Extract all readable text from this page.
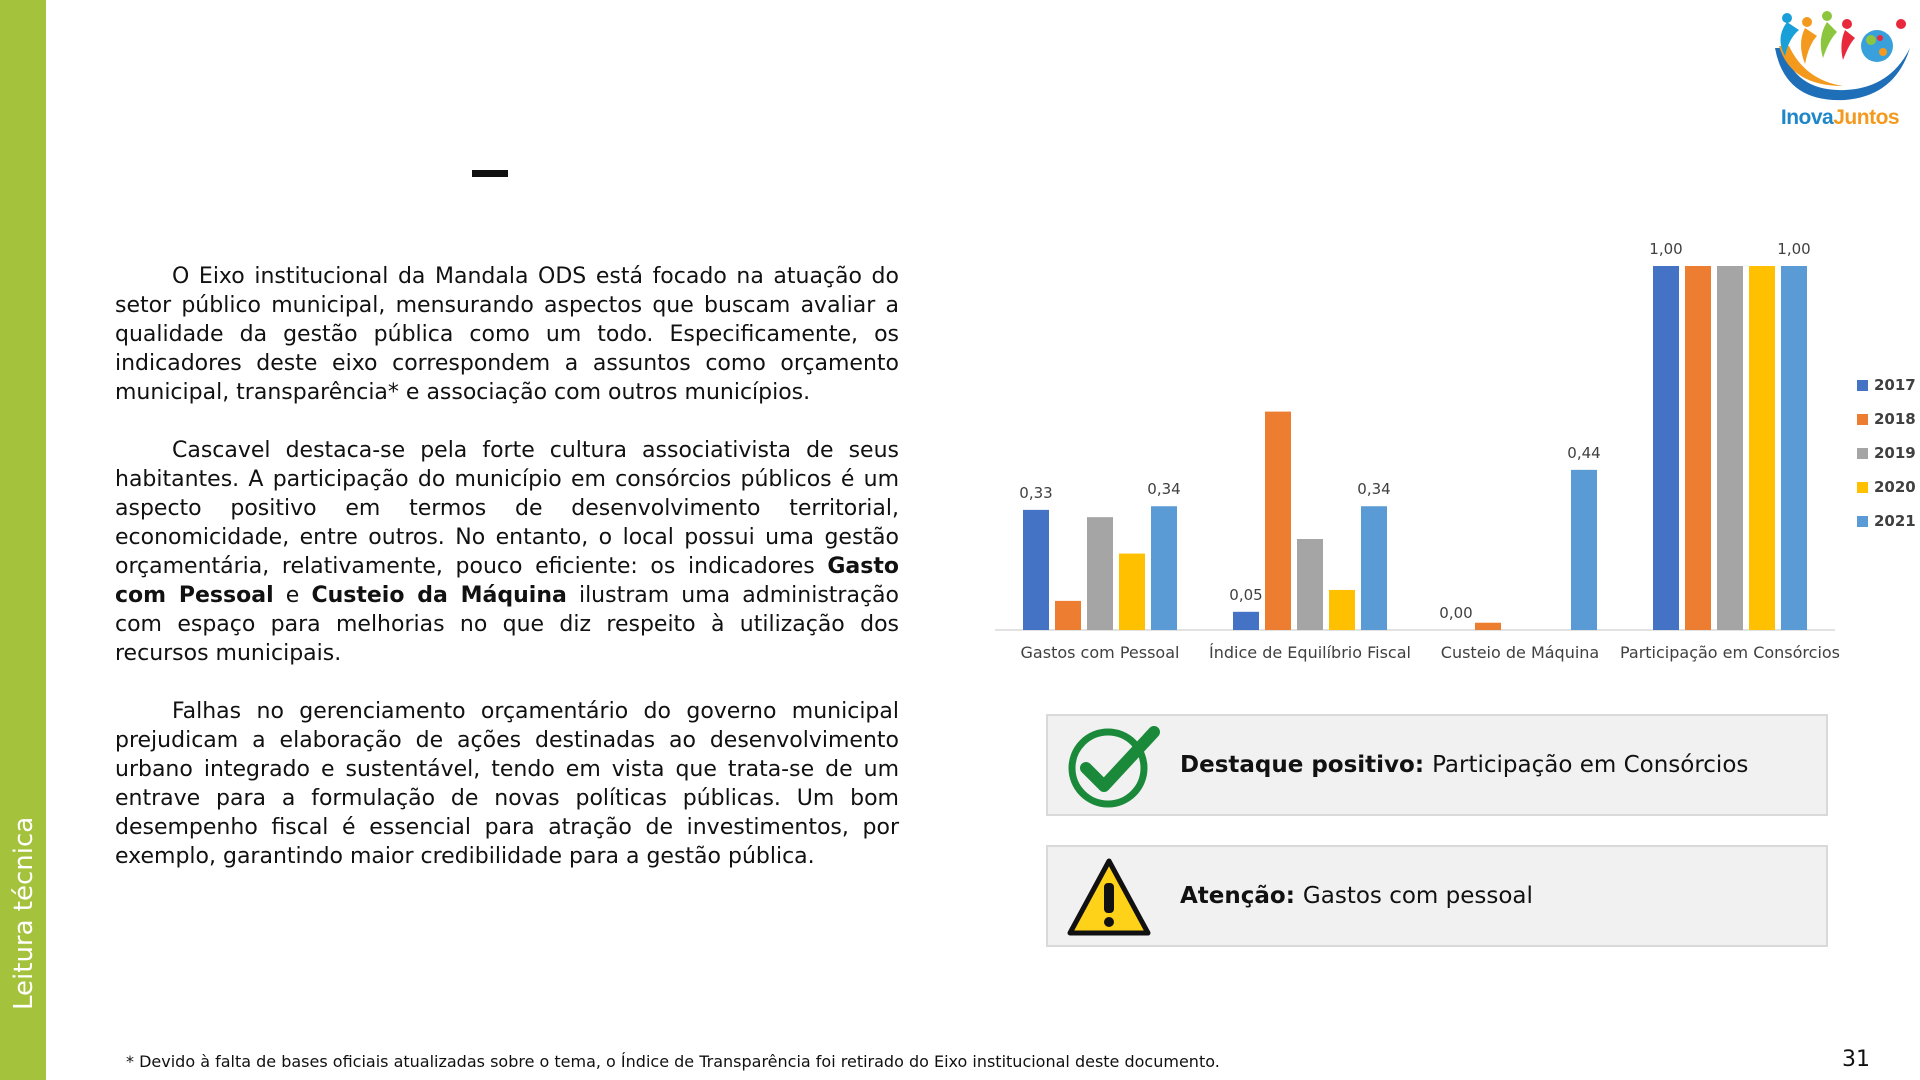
Leitura técnica
InovaJuntos

O Eixo institucional da Mandala ODS está focado na atuação do setor público municipal, mensurando aspectos que buscam avaliar a qualidade da gestão pública como um todo. Especificamente, os indicadores deste eixo correspondem a assuntos como orçamento municipal, transparência* e associação com outros municípios.

Cascavel destaca-se pela forte cultura associativista de seus habitantes. A participação do município em consórcios públicos é um aspecto positivo em termos de desenvolvimento territorial, economicidade, entre outros. No entanto, o local possui uma gestão orçamentária, relativamente, pouco eficiente: os indicadores Gasto com Pessoal e Custeio da Máquina ilustram uma administração com espaço para melhorias no que diz respeito à utilização dos recursos municipais.

Falhas no gerenciamento orçamentário do governo municipal prejudicam a elaboração de ações destinadas ao desenvolvimento urbano integrado e sustentável, tendo em vista que trata-se de um entrave para a formulação de novas políticas públicas. Um bom desempenho fiscal é essencial para atração de investimentos, por exemplo, garantindo maior credibilidade para a gestão pública.

Gastos com Pessoal Índice de Equilíbrio Fiscal Custeio de Máquina Participação em Consórcios
0,33	0,34
0,05
0,34
0,00
0,44
1,00	1,00
2017
2018
2019
2020
2021
Destaque positivo: Participação em Consórcios
Atenção: Gastos com pessoal
* Devido à falta de bases oficiais atualizadas sobre o tema, o Índice de Transparência foi retirado do Eixo institucional deste documento.	31
